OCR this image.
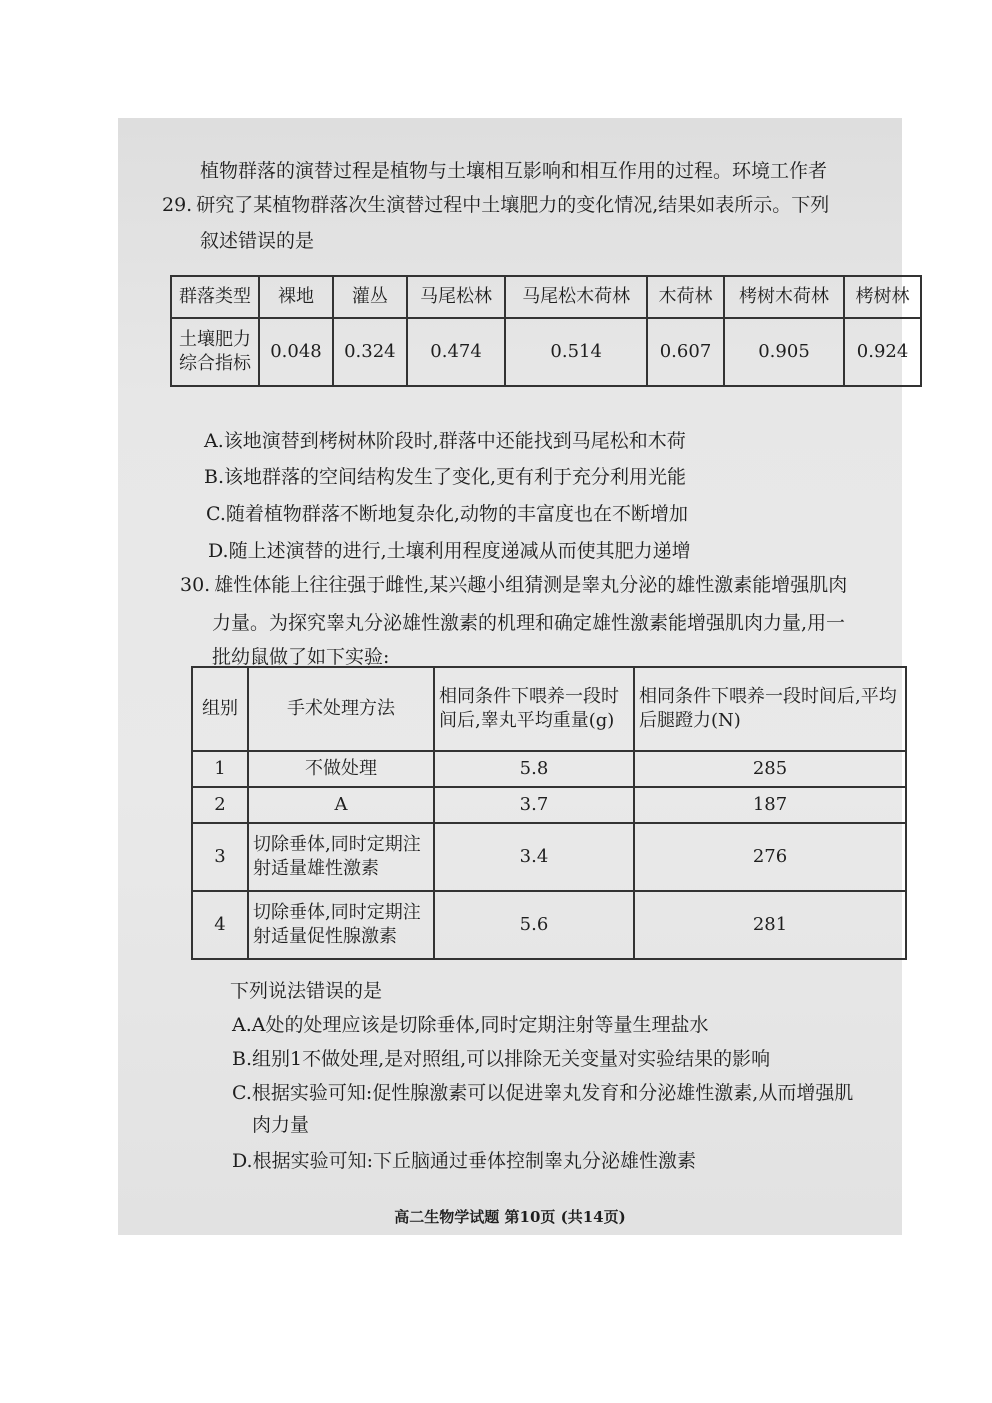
植物群落的演替过程是植物与土壤相互影响和相互作用的过程。环境工作者

29. 研究了某植物群落次生演替过程中土壤肥力的变化情况,结果如表所示。下列

叙述错误的是

群落类型	裸地	灌丛	马尾松林	马尾松木荷林	木荷林	栲树木荷林	栲树林
土壤肥力综合指标	0.048	0.324	0.474	0.514	0.607	0.905	0.924

A.该地演替到栲树林阶段时,群落中还能找到马尾松和木荷

B.该地群落的空间结构发生了变化,更有利于充分利用光能

C.随着植物群落不断地复杂化,动物的丰富度也在不断增加

D.随上述演替的进行,土壤利用程度递减从而使其肥力递增

30. 雄性体能上往往强于雌性,某兴趣小组猜测是睾丸分泌的雄性激素能增强肌肉

力量。为探究睾丸分泌雄性激素的机理和确定雄性激素能增强肌肉力量,用一

批幼鼠做了如下实验:

组别	手术处理方法	相同条件下喂养一段时间后,睾丸平均重量(g)	相同条件下喂养一段时间后,平均后腿蹬力(N)
1	不做处理	5.8	285
2	A	3.7	187
3	切除垂体,同时定期注射适量雄性激素	3.4	276
4	切除垂体,同时定期注射适量促性腺激素	5.6	281

下列说法错误的是

A.A处的处理应该是切除垂体,同时定期注射等量生理盐水

B.组别1不做处理,是对照组,可以排除无关变量对实验结果的影响

C.根据实验可知:促性腺激素可以促进睾丸发育和分泌雄性激素,从而增强肌

肉力量

D.根据实验可知:下丘脑通过垂体控制睾丸分泌雄性激素

高二生物学试题 第10页 (共14页)
